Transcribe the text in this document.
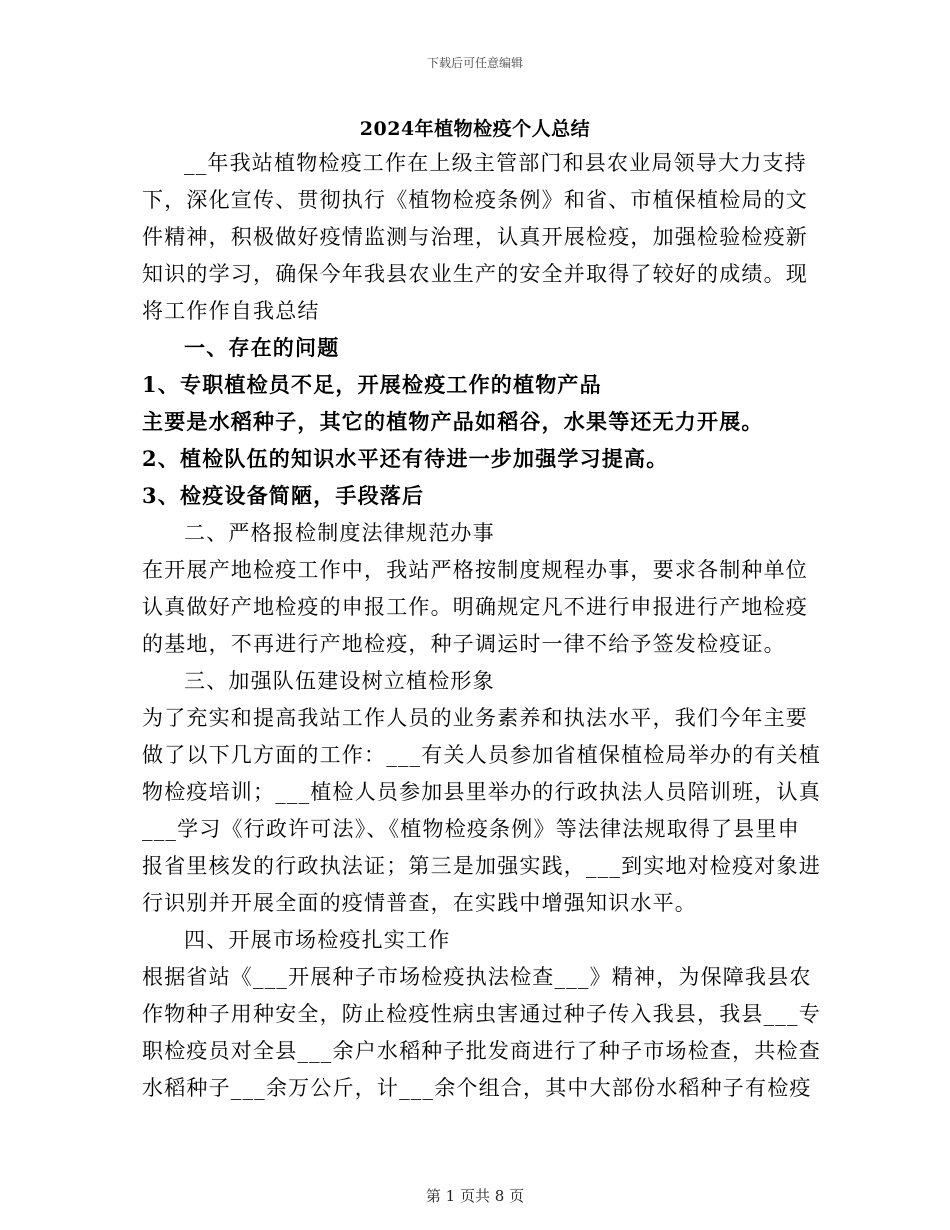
下载后可任意编辑
2024年植物检疫个人总结
__年我站植物检疫工作在上级主管部门和县农业局领导大力支持
下，深化宣传、贯彻执行《植物检疫条例》和省、市植保植检局的文
件精神，积极做好疫情监测与治理，认真开展检疫，加强检验检疫新
知识的学习，确保今年我县农业生产的安全并取得了较好的成绩。现
将工作作自我总结
一、存在的问题
1、专职植检员不足，开展检疫工作的植物产品
主要是水稻种子，其它的植物产品如稻谷，水果等还无力开展。
2、植检队伍的知识水平还有待进一步加强学习提高。
3、检疫设备简陋，手段落后
二、严格报检制度法律规范办事
在开展产地检疫工作中，我站严格按制度规程办事，要求各制种单位
认真做好产地检疫的申报工作。明确规定凡不进行申报进行产地检疫
的基地，不再进行产地检疫，种子调运时一律不给予签发检疫证。
三、加强队伍建设树立植检形象
为了充实和提高我站工作人员的业务素养和执法水平，我们今年主要
做了以下几方面的工作：___有关人员参加省植保植检局举办的有关植
物检疫培训；___植检人员参加县里举办的行政执法人员陪训班，认真
___学习《行政许可法》、《植物检疫条例》等法律法规取得了县里申
报省里核发的行政执法证；第三是加强实践，___到实地对检疫对象进
行识别并开展全面的疫情普查，在实践中增强知识水平。
四、开展市场检疫扎实工作
根据省站《___开展种子市场检疫执法检查___》精神，为保障我县农
作物种子用种安全，防止检疫性病虫害通过种子传入我县，我县___专
职检疫员对全县___余户水稻种子批发商进行了种子市场检查，共检查
水稻种子___余万公斤，计___余个组合，其中大部份水稻种子有检疫
第 1 页共 8 页
